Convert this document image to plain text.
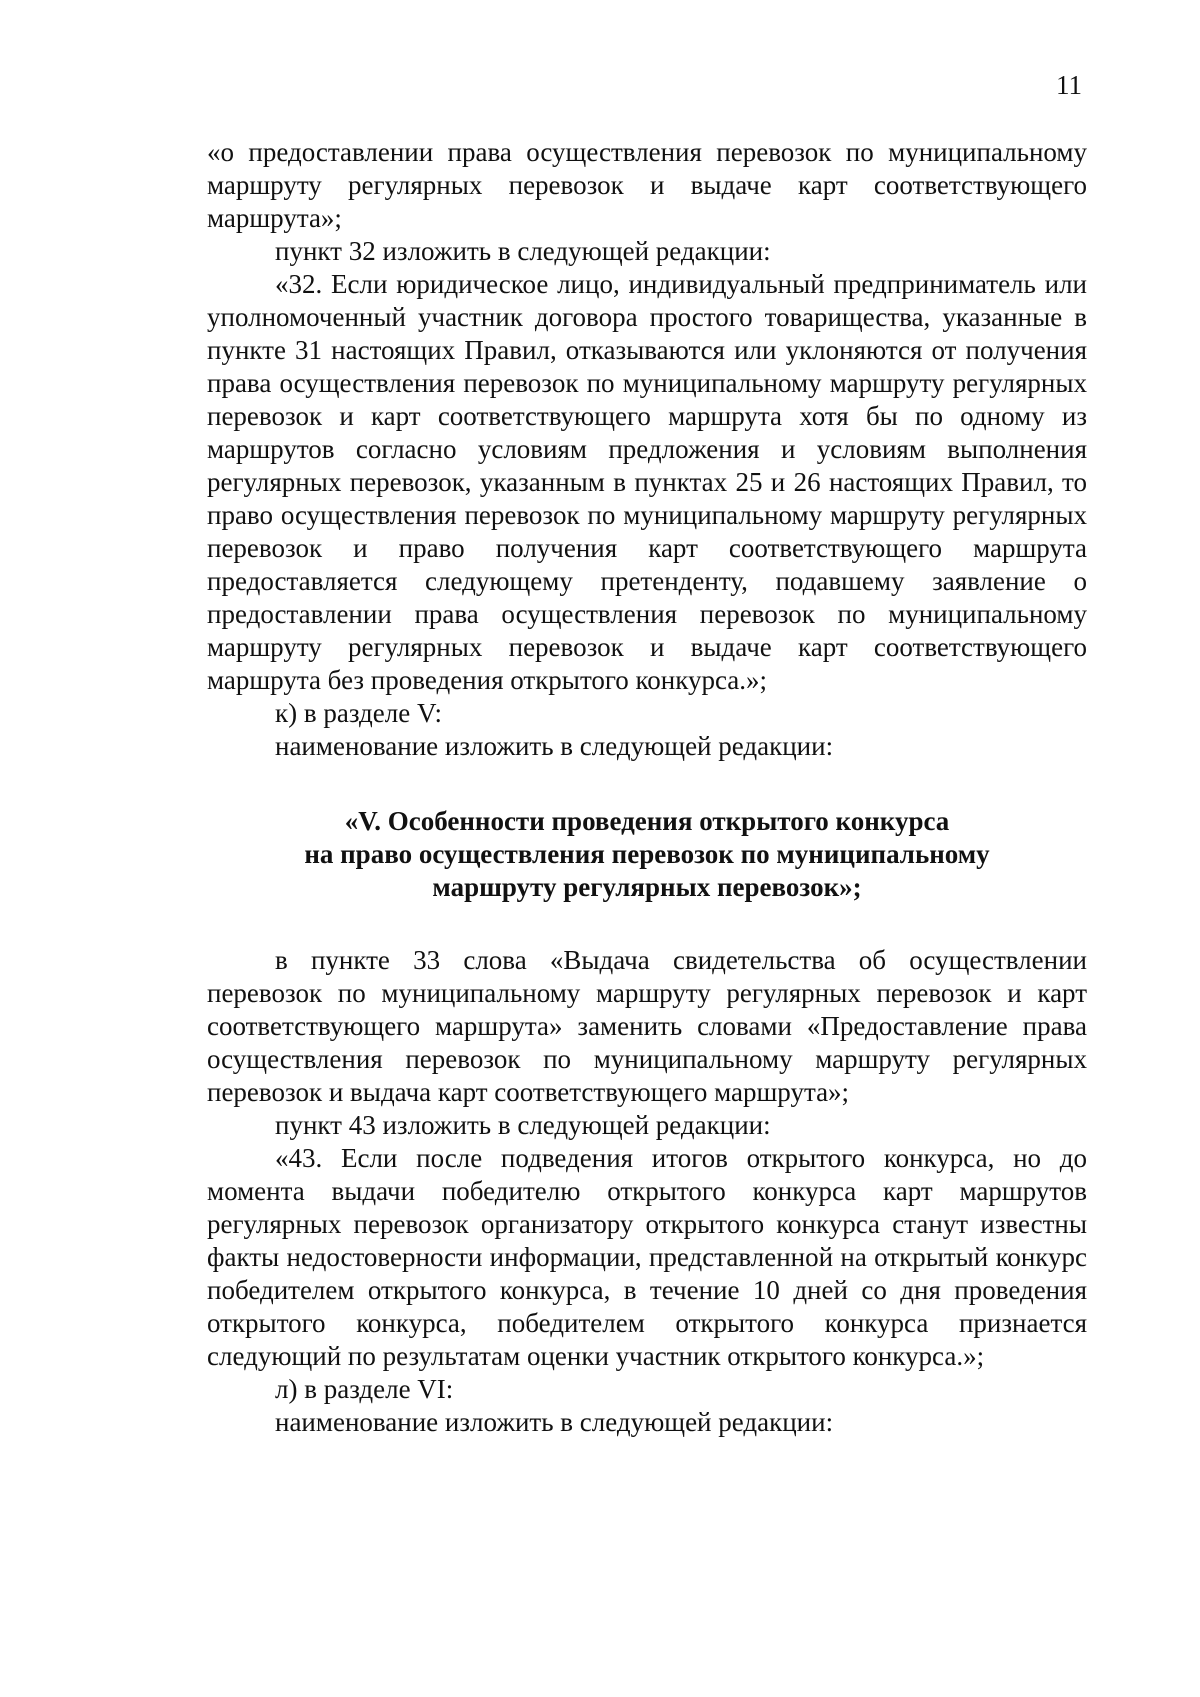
11

«о предоставлении права осуществления перевозок по муниципальному маршруту регулярных перевозок и выдаче карт соответствующего маршрута»;

пункт 32 изложить в следующей редакции:

«32. Если юридическое лицо, индивидуальный предприниматель или уполномоченный участник договора простого товарищества, указанные в пункте 31 настоящих Правил, отказываются или уклоняются от получения права осуществления перевозок по муниципальному маршруту регулярных перевозок и карт соответствующего маршрута хотя бы по одному из маршрутов согласно условиям предложения и условиям выполнения регулярных перевозок, указанным в пунктах 25 и 26 настоящих Правил, то право осуществления перевозок по муниципальному маршруту регулярных перевозок и право получения карт соответствующего маршрута предоставляется следующему претенденту, подавшему заявление о предоставлении права осуществления перевозок по муниципальному маршруту регулярных перевозок и выдаче карт соответствующего маршрута без проведения открытого конкурса.»;

к) в разделе V:

наименование изложить в следующей редакции:

«V. Особенности проведения открытого конкурса
на право осуществления перевозок по муниципальному
маршруту регулярных перевозок»;

в пункте 33 слова «Выдача свидетельства об осуществлении перевозок по муниципальному маршруту регулярных перевозок и карт соответствующего маршрута» заменить словами «Предоставление права осуществления перевозок по муниципальному маршруту регулярных перевозок и выдача карт соответствующего маршрута»;

пункт 43 изложить в следующей редакции:

«43. Если после подведения итогов открытого конкурса, но до момента выдачи победителю открытого конкурса карт маршрутов регулярных перевозок организатору открытого конкурса станут известны факты недостоверности информации, представленной на открытый конкурс победителем открытого конкурса, в течение 10 дней со дня проведения открытого конкурса, победителем открытого конкурса признается следующий по результатам оценки участник открытого конкурса.»;

л) в разделе VI:

наименование изложить в следующей редакции:
